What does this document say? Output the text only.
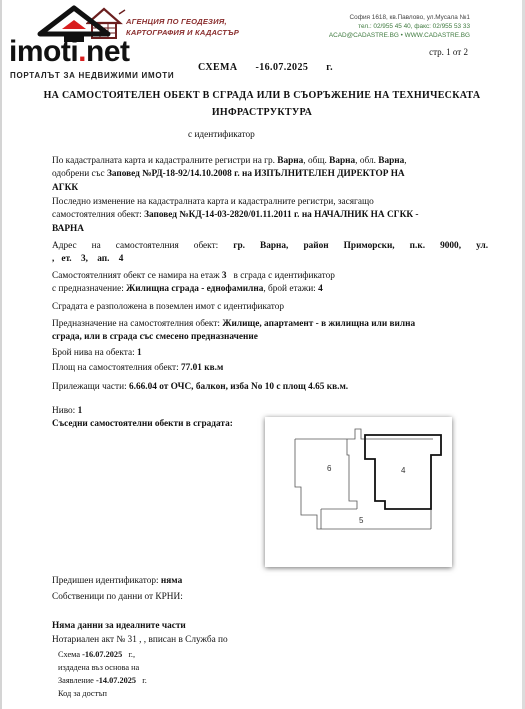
АГЕНЦИЯ ПО ГЕОДЕЗИЯ,
КАРТОГРАФИЯ И КАДАСТЪР
София 1618, кв.Павлово, ул.Мусала №1
тел.: 02/955 45 40, факс: 02/955 53 33
ACAD@CADASTRE.BG • WWW.CADASTRE.BG
imoti.net
ПОРТАЛЪТ ЗА НЕДВИЖИМИ ИМОТИ
стр. 1 от 2
СХЕМА -16.07.2025 г.
НА САМОСТОЯТЕЛЕН ОБЕКТ В СГРАДА ИЛИ В СЪОРЪЖЕНИЕ НА ТЕХНИЧЕСКАТА
ИНФРАСТРУКТУРА
с идентификатор
По кадастралната карта и кадастралните регистри на гр. Варна, общ. Варна, обл. Варна,
одобрени със Заповед №РД-18-92/14.10.2008 г. на ИЗПЪЛНИТЕЛЕН ДИРЕКТОР НА
АГКК
Последно изменение на кадастралната карта и кадастралните регистри, засягащо
самостоятелния обект: Заповед №КД-14-03-2820/01.11.2011 г. на НАЧАЛНИК НА СГКК -
ВАРНА
Адрес на самостоятелния обект: гр. Варна, район Приморски, п.к. 9000, ул.
, ет. 3, ап. 4
Самостоятелният обект се намира на етаж 3 в сграда с идентификатор
с предназначение: Жилищна сграда - еднофамилна, брой етажи: 4
Сградата е разположена в поземлен имот с идентификатор
Предназначение на самостоятелния обект: Жилище, апартамент - в жилищна или вилна
сграда, или в сграда със смесено предназначение
Брой нива на обекта: 1
Площ на самостоятелния обект: 77.01 кв.м
Прилежащи части: 6.66.04 от ОЧС, балкон, изба No 10 с площ 4.65 кв.м.
Ниво: 1
Съседни самостоятелни обекти в сградата:
6	4
5
Предишен идентификатор: няма
Собственици по данни от КРНИ:
Няма данни за идеалните части
Нотариален акт № 31 , , вписан в Служба по
Схема -16.07.2025 г.,
издадена въз основа на
Заявление -14.07.2025 г.
Код за достъп
